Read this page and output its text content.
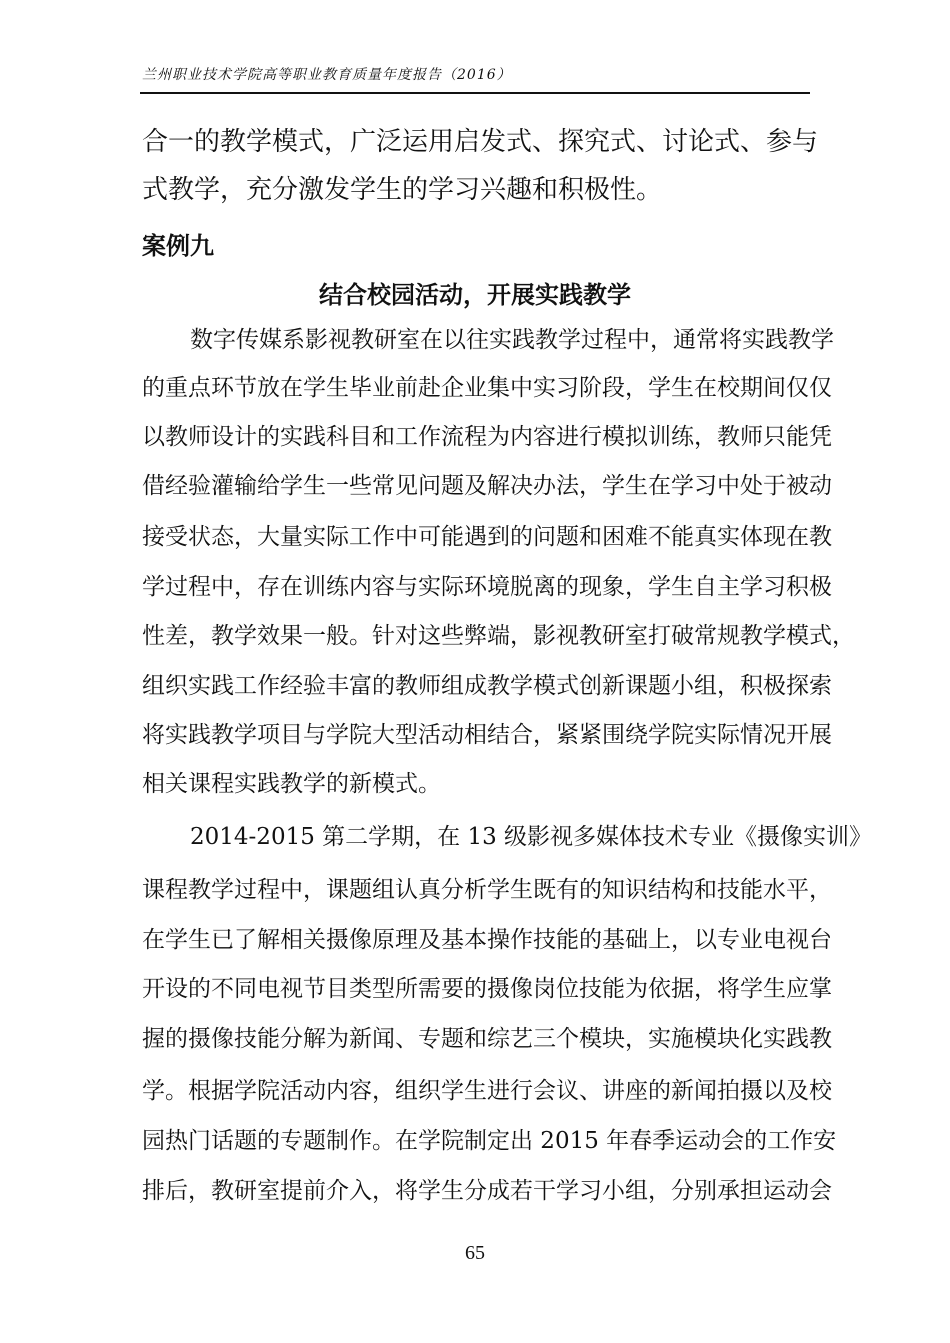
兰州职业技术学院高等职业教育质量年度报告（2016）
合一的教学模式，广泛运用启发式、探究式、讨论式、参与
式教学，充分激发学生的学习兴趣和积极性。
案例九
结合校园活动，开展实践教学
数字传媒系影视教研室在以往实践教学过程中，通常将实践教学
的重点环节放在学生毕业前赴企业集中实习阶段，学生在校期间仅仅
以教师设计的实践科目和工作流程为内容进行模拟训练，教师只能凭
借经验灌输给学生一些常见问题及解决办法，学生在学习中处于被动
接受状态，大量实际工作中可能遇到的问题和困难不能真实体现在教
学过程中，存在训练内容与实际环境脱离的现象，学生自主学习积极
性差，教学效果一般。针对这些弊端，影视教研室打破常规教学模式，
组织实践工作经验丰富的教师组成教学模式创新课题小组，积极探索
将实践教学项目与学院大型活动相结合，紧紧围绕学院实际情况开展
相关课程实践教学的新模式。
2014-2015 第二学期，在 13 级影视多媒体技术专业《摄像实训》
课程教学过程中，课题组认真分析学生既有的知识结构和技能水平，
在学生已了解相关摄像原理及基本操作技能的基础上，以专业电视台
开设的不同电视节目类型所需要的摄像岗位技能为依据，将学生应掌
握的摄像技能分解为新闻、专题和综艺三个模块，实施模块化实践教
学。根据学院活动内容，组织学生进行会议、讲座的新闻拍摄以及校
园热门话题的专题制作。在学院制定出 2015 年春季运动会的工作安
排后，教研室提前介入，将学生分成若干学习小组，分别承担运动会
65
